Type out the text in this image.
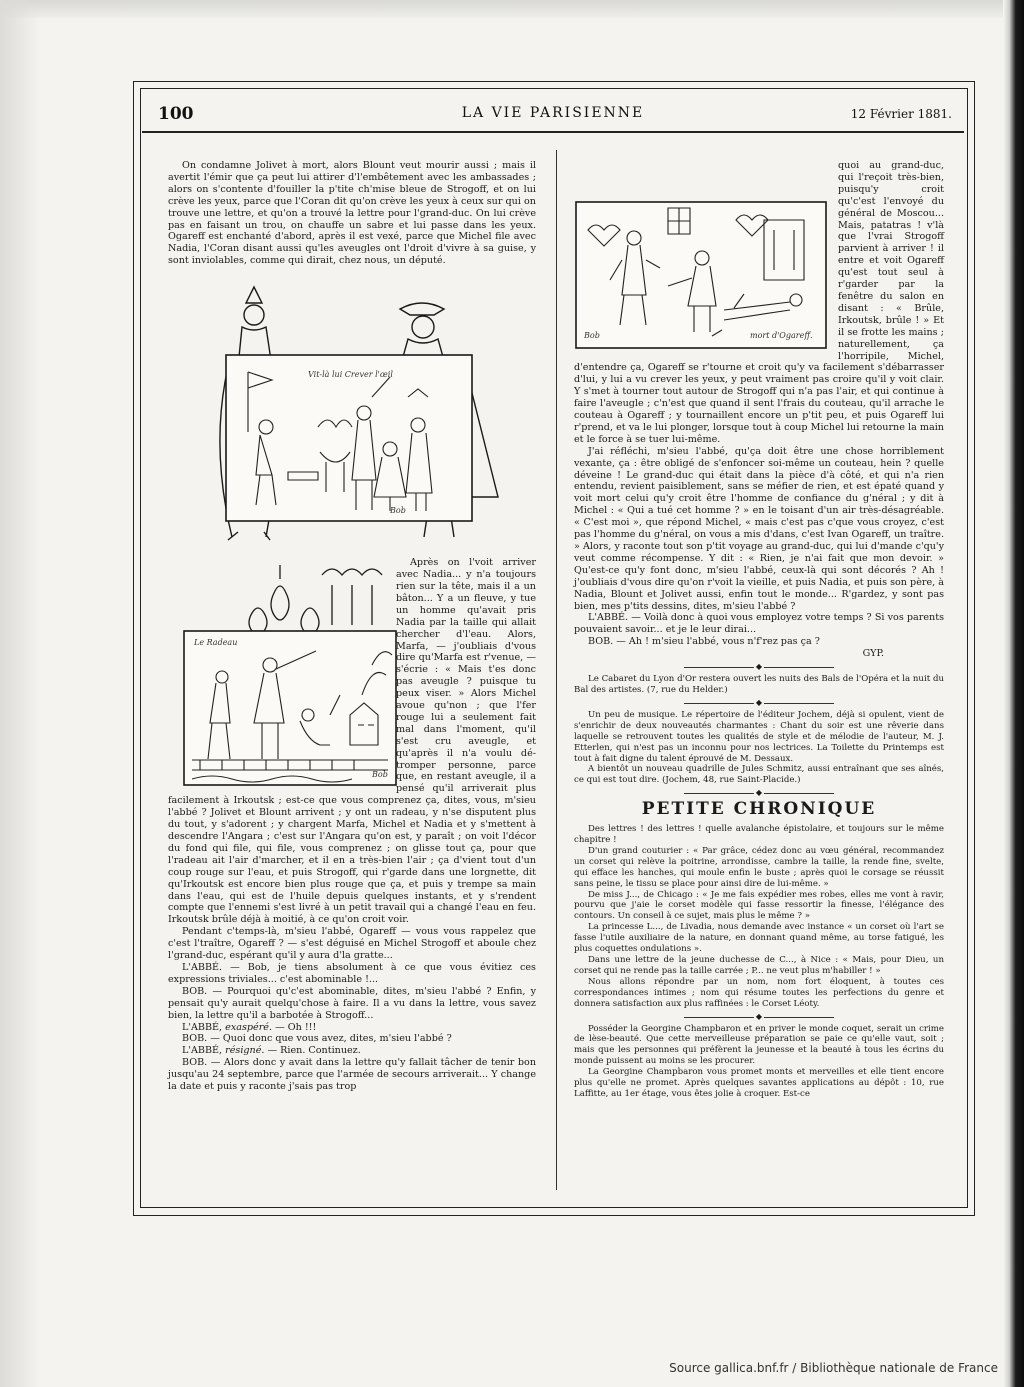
100	LA VIE PARISIENNE	12 Février 1881.

On condamne Jolivet à mort, alors Blount veut mourir aussi ; mais il avertit l'émir que ça peut lui attirer d'l'embêtement avec les ambassades ; alors on s'contente d'fouiller la p'tite ch'mise bleue de Strogoff, et on lui crève les yeux, parce que l'Coran dit qu'on crève les yeux à ceux sur qui on trouve une lettre, et qu'on a trouvé la lettre pour l'grand-duc. On lui crève pas en faisant un trou, on chauffe un sabre et lui passe dans les yeux. Ogareff est enchanté d'abord, après il est vexé, parce que Michel file avec Nadia, l'Coran disant aussi qu'les aveugles ont l'droit d'vivre à sa guise, y sont inviolables, comme qui dirait, chez nous, un député.

Vit-là lui Crever l'œil
Bob

Le Radeau
Bob
Après on l'voit arriver avec Nadia... y n'a toujours rien sur la tête, mais il a un bâton... Y a un fleuve, y tue un homme qu'avait pris Nadia par la taille qui allait chercher d'l'eau. Alors, Marfa, — j'oubliais d'vous dire qu'Marfa est r'venue, — s'écrie : « Mais t'es donc pas aveugle ? puisque tu peux viser. » Alors Michel avoue qu'non ; que l'fer rouge lui a seulement fait mal dans l'moment, qu'il s'est cru aveugle, et qu'après il n'a voulu dé-tromper personne, parce que, en restant aveugle, il a pensé qu'il arriverait plus facilement à Irkoutsk ; est-ce que vous comprenez ça, dites, vous, m'sieu l'abbé ? Jolivet et Blount arrivent ; y ont un radeau, y n'se disputent plus du tout, y s'adorent ; y chargent Marfa, Michel et Nadia et y s'mettent à descendre l'Angara ; c'est sur l'Angara qu'on est, y paraît ; on voit l'décor du fond qui file, qui file, vous comprenez ; on glisse tout ça, pour que l'radeau ait l'air d'marcher, et il en a très-bien l'air ; ça d'vient tout d'un coup rouge sur l'eau, et puis Strogoff, qui r'garde dans une lorgnette, dit qu'Irkoutsk est encore bien plus rouge que ça, et puis y trempe sa main dans l'eau, qui est de l'huile depuis quelques instants, et y s'rendent compte que l'ennemi s'est livré à un petit travail qui a changé l'eau en feu. Irkoutsk brûle déjà à moitié, à ce qu'on croit voir.

Pendant c'temps-là, m'sieu l'abbé, Ogareff — vous vous rappelez que c'est l'traître, Ogareff ? — s'est déguisé en Michel Strogoff et aboule chez l'grand-duc, espérant qu'il y aura d'la gratte...

L'ABBÉ. — Bob, je tiens absolument à ce que vous évitiez ces expressions triviales... c'est abominable !...

BOB. — Pourquoi qu'c'est abominable, dites, m'sieu l'abbé ? Enfin, y pensait qu'y aurait quelqu'chose à faire. Il a vu dans la lettre, vous savez bien, la lettre qu'il a barbotée à Strogoff...

L'ABBÉ, exaspéré. — Oh !!!

BOB. — Quoi donc que vous avez, dites, m'sieu l'abbé ?

L'ABBÉ, résigné. — Rien. Continuez.

BOB. — Alors donc y avait dans la lettre qu'y fallait tâcher de tenir bon jusqu'au 24 septembre, parce que l'armée de secours arriverait... Y change la date et puis y raconte j'sais pas trop

Bob	mort d'Ogareff.
quoi au grand-duc, qui l'reçoit très-bien, puisqu'y croit qu'c'est l'envoyé du général de Moscou... Mais, patatras ! v'là que l'vrai Strogoff parvient à arriver ! il entre et voit Ogareff qu'est tout seul à r'garder par la fenêtre du salon en disant : « Brûle, Irkoutsk, brûle ! » Et il se frotte les mains ; naturellement, ça l'horripile, Michel, d'entendre ça, Ogareff se r'tourne et croit qu'y va facilement s'débarrasser d'lui, y lui a vu crever les yeux, y peut vraiment pas croire qu'il y voit clair. Y s'met à tourner tout autour de Strogoff qui n'a pas l'air, et qui continue à faire l'aveugle ; c'n'est que quand il sent l'frais du couteau, qu'il arrache le couteau à Ogareff ; y tournaillent encore un p'tit peu, et puis Ogareff lui r'prend, et va le lui plonger, lorsque tout à coup Michel lui retourne la main et le force à se tuer lui-même.

J'ai réfléchi, m'sieu l'abbé, qu'ça doit être une chose horriblement vexante, ça : être obligé de s'enfoncer soi-même un couteau, hein ? quelle déveine ! Le grand-duc qui était dans la pièce d'à côté, et qui n'a rien entendu, revient paisiblement, sans se méfier de rien, et est épaté quand y voit mort celui qu'y croit être l'homme de confiance du g'néral ; y dit à Michel : « Qui a tué cet homme ? » en le toisant d'un air très-désagréable. « C'est moi », que répond Michel, « mais c'est pas c'que vous croyez, c'est pas l'homme du g'néral, on vous a mis d'dans, c'est Ivan Ogareff, un traître. » Alors, y raconte tout son p'tit voyage au grand-duc, qui lui d'mande c'qu'y veut comme récompense. Y dit : « Rien, je n'ai fait que mon devoir. » Qu'est-ce qu'y font donc, m'sieu l'abbé, ceux-là qui sont décorés ? Ah ! j'oubliais d'vous dire qu'on r'voit la vieille, et puis Nadia, et puis son père, à Nadia, Blount et Jolivet aussi, enfin tout le monde... R'gardez, y sont pas bien, mes p'tits dessins, dites, m'sieu l'abbé ?

L'ABBÉ. — Voilà donc à quoi vous employez votre temps ? Si vos parents pouvaient savoir... et je le leur dirai...

BOB. — Ah ! m'sieu l'abbé, vous n'f'rez pas ça ?

GYP.
◆

Le Cabaret du Lyon d'Or restera ouvert les nuits des Bals de l'Opéra et la nuit du Bal des artistes. (7, rue du Helder.)

◆

Un peu de musique. Le répertoire de l'éditeur Jochem, déjà si opulent, vient de s'enrichir de deux nouveautés charmantes : Chant du soir est une rêverie dans laquelle se retrouvent toutes les qualités de style et de mélodie de l'auteur, M. J. Etterlen, qui n'est pas un inconnu pour nos lectrices. La Toilette du Printemps est tout à fait digne du talent éprouvé de M. Dessaux.

A bientôt un nouveau quadrille de Jules Schmitz, aussi entraînant que ses aînés, ce qui est tout dire. (Jochem, 48, rue Saint-Placide.)

◆
PETITE CHRONIQUE

Des lettres ! des lettres ! quelle avalanche épistolaire, et toujours sur le même chapitre !

D'un grand couturier : « Par grâce, cédez donc au vœu général, recommandez un corset qui relève la poitrine, arrondisse, cambre la taille, la rende fine, svelte, qui efface les hanches, qui moule enfin le buste ; après quoi le corsage se réussit sans peine, le tissu se place pour ainsi dire de lui-même. »

De miss J..., de Chicago : « Je me fais expédier mes robes, elles me vont à ravir, pourvu que j'aie le corset modèle qui fasse ressortir la finesse, l'élégance des contours. Un conseil à ce sujet, mais plus le même ? »

La princesse L..., de Livadia, nous demande avec instance « un corset où l'art se fasse l'utile auxiliaire de la nature, en donnant quand même, au torse fatigué, les plus coquettes ondulations ».

Dans une lettre de la jeune duchesse de C..., à Nice : « Mais, pour Dieu, un corset qui ne rende pas la taille carrée ; P... ne veut plus m'habiller ! »

Nous allons répondre par un nom, nom fort éloquent, à toutes ces correspondances intimes ; nom qui résume toutes les perfections du genre et donnera satisfaction aux plus raffinées : le Corset Léoty.

◆

Posséder la Georgine Champbaron et en priver le monde coquet, serait un crime de lèse-beauté. Que cette merveilleuse préparation se paie ce qu'elle vaut, soit ; mais que les personnes qui préfèrent la jeunesse et la beauté à tous les écrins du monde puissent au moins se les procurer.

La Georgine Champbaron vous promet monts et merveilles et elle tient encore plus qu'elle ne promet. Après quelques savantes applications au dépôt : 10, rue Laffitte, au 1er étage, vous êtes jolie à croquer. Est-ce

Source gallica.bnf.fr / Bibliothèque nationale de France
